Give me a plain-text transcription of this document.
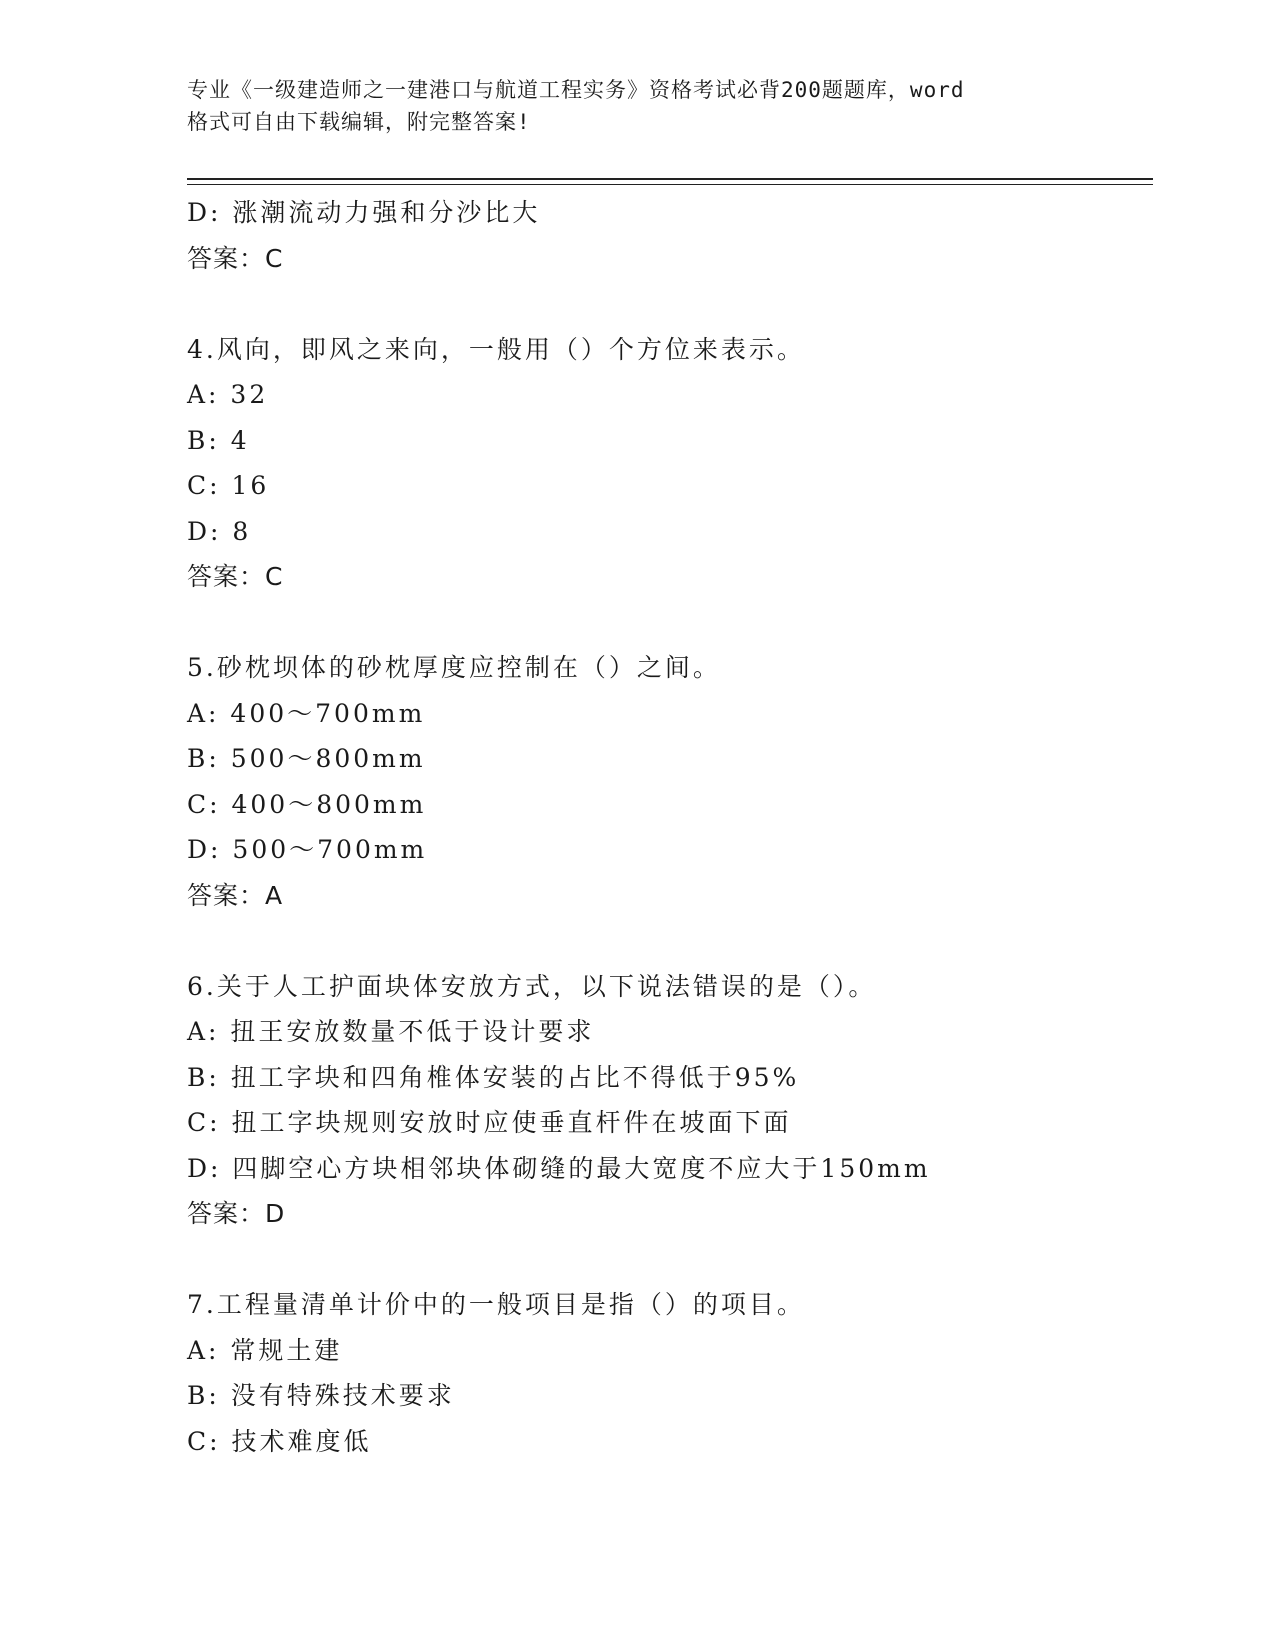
专业《一级建造师之一建港口与航道工程实务》资格考试必背200题题库，word
格式可自由下载编辑，附完整答案!
D: 涨潮流动力强和分沙比大
答案：C
4.风向，即风之来向，一般用（）个方位来表示。
A: 32
B: 4
C: 16
D: 8
答案：C
5.砂枕坝体的砂枕厚度应控制在（）之间。
A: 400～700mm
B: 500～800mm
C: 400～800mm
D: 500～700mm
答案：A
6.关于人工护面块体安放方式，以下说法错误的是（）。
A: 扭王安放数量不低于设计要求
B: 扭工字块和四角椎体安装的占比不得低于95%
C: 扭工字块规则安放时应使垂直杆件在坡面下面
D: 四脚空心方块相邻块体砌缝的最大宽度不应大于150mm
答案：D
7.工程量清单计价中的一般项目是指（）的项目。
A: 常规土建
B: 没有特殊技术要求
C: 技术难度低
